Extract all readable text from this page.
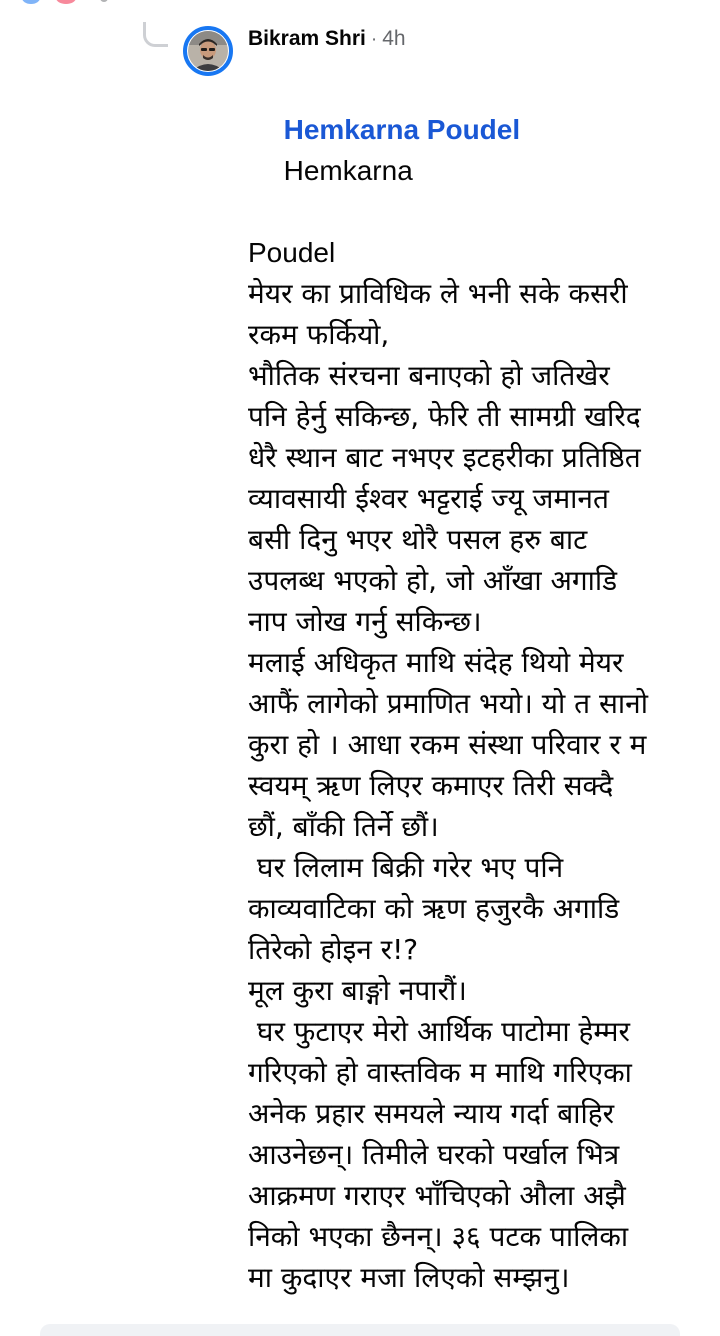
Bikram Shri · 4h

Hemkarna Poudel
Hemkarna

Poudel
मेयर का प्राविधिक ले भनी सके कसरी
रकम फर्कियो,
भौतिक संरचना बनाएको हो जतिखेर
पनि हेर्नु सकिन्छ, फेरि ती सामग्री खरिद
धेरै स्थान बाट नभएर इटहरीका प्रतिष्ठित
व्यावसायी ईश्वर भट्टराई ज्यू जमानत
बसी दिनु भएर थोरै पसल हरु बाट
उपलब्ध भएको हो, जो आँखा अगाडि
नाप जोख गर्नु सकिन्छ।
मलाई अधिकृत माथि संदेह थियो मेयर
आफैं लागेको प्रमाणित भयो। यो त सानो
कुरा हो । आधा रकम संस्था परिवार र म
स्वयम् ऋण लिएर कमाएर तिरी सक्दै
छौं, बाँकी तिर्ने छौं।
घर लिलाम बिक्री गरेर भए पनि
काव्यवाटिका को ऋण हजुरकै अगाडि
तिरेको होइन र!?
मूल कुरा बाङ्गो नपारौं।
घर फुटाएर मेरो आर्थिक पाटोमा हेम्मर
गरिएको हो वास्तविक म माथि गरिएका
अनेक प्रहार समयले न्याय गर्दा बाहिर
आउनेछन्। तिमीले घरको पर्खाल भित्र
आक्रमण गराएर भाँचिएको औला अझै
निको भएका छैनन्। ३६ पटक पालिका
मा कुदाएर मजा लिएको सम्झनु।
